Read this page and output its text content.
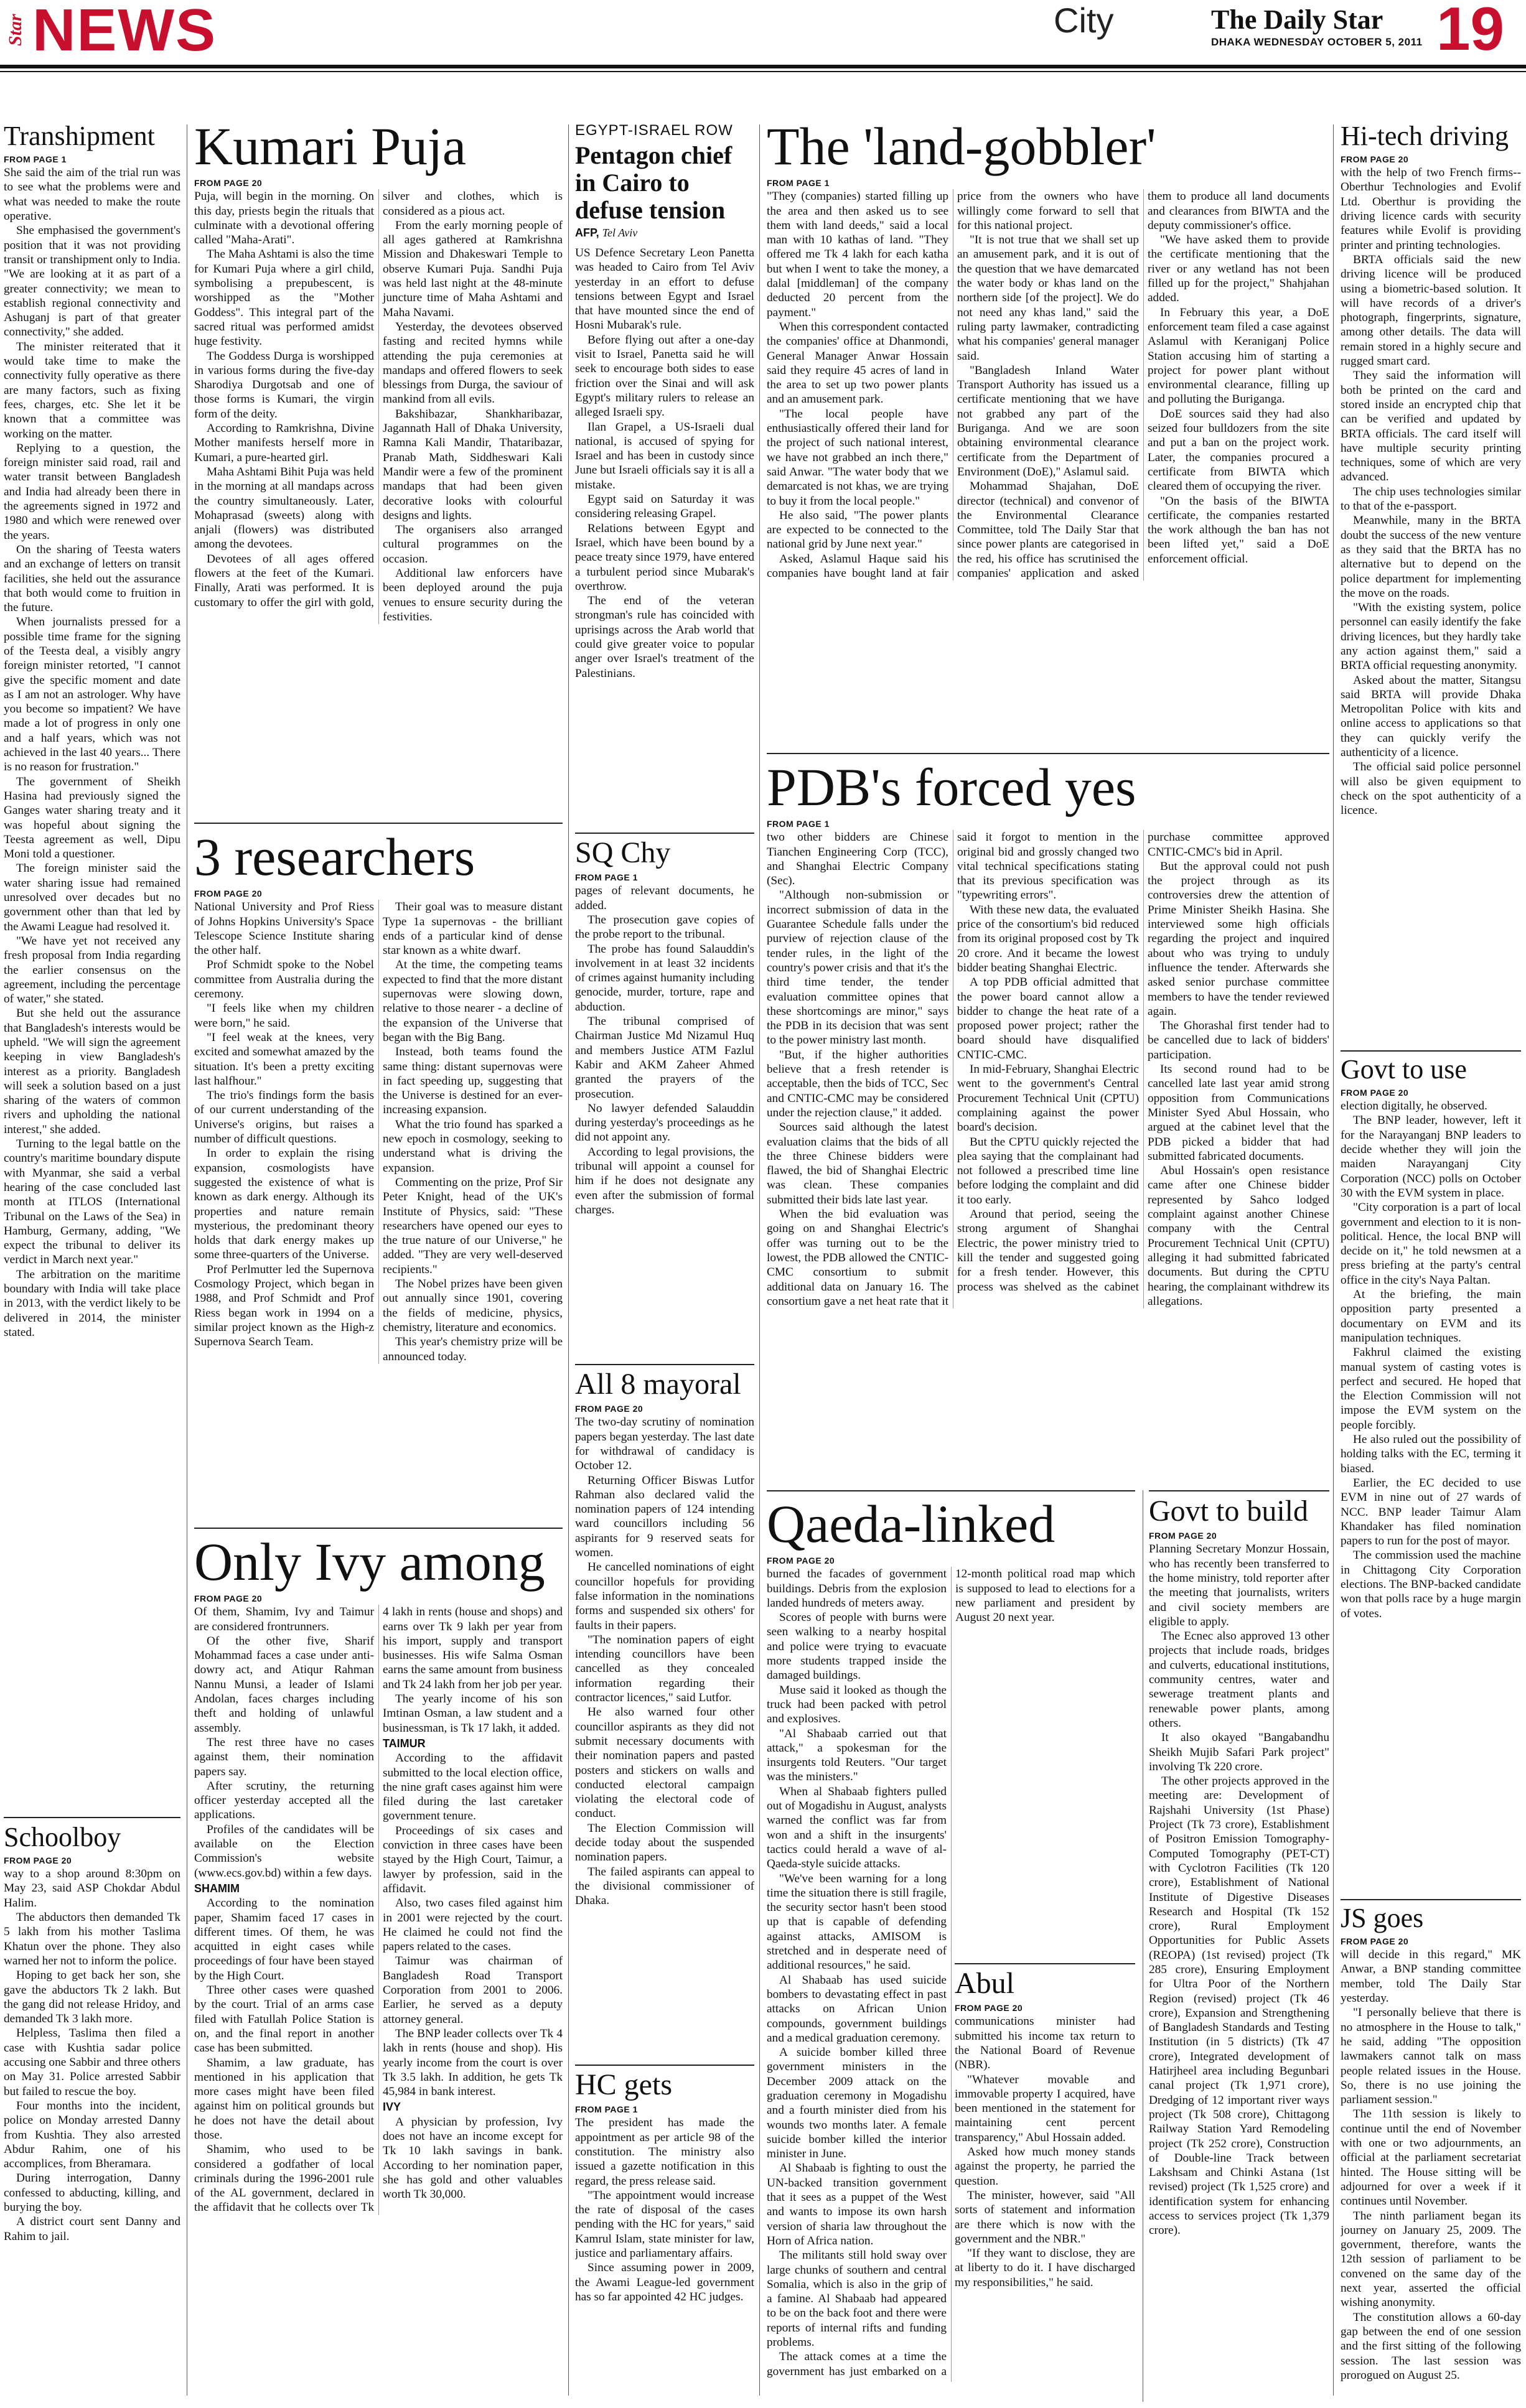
Star NEWS	City	The Daily Star
DHAKA WEDNESDAY OCTOBER 5, 2011 19
Transhipment
FROM PAGE 1

She said the aim of the trial run was to see what the problems were and what was needed to make the route operative.

She emphasised the government's position that it was not providing transit or transhipment only to India. "We are looking at it as part of a greater connectivity; we mean to establish regional connectivity and Ashuganj is part of that greater connectivity," she added.

The minister reiterated that it would take time to make the connectivity fully operative as there are many factors, such as fixing fees, charges, etc. She let it be known that a committee was working on the matter.

Replying to a question, the foreign minister said road, rail and water transit between Bangladesh and India had already been there in the agreements signed in 1972 and 1980 and which were renewed over the years.

On the sharing of Teesta waters and an exchange of letters on transit facilities, she held out the assurance that both would come to fruition in the future.

When journalists pressed for a possible time frame for the signing of the Teesta deal, a visibly angry foreign minister retorted, "I cannot give the specific moment and date as I am not an astrologer. Why have you become so impatient? We have made a lot of progress in only one and a half years, which was not achieved in the last 40 years... There is no reason for frustration."

The government of Sheikh Hasina had previously signed the Ganges water sharing treaty and it was hopeful about signing the Teesta agreement as well, Dipu Moni told a questioner.

The foreign minister said the water sharing issue had remained unresolved over decades but no government other than that led by the Awami League had resolved it.

"We have yet not received any fresh proposal from India regarding the earlier consensus on the agreement, including the percentage of water," she stated.

But she held out the assurance that Bangladesh's interests would be upheld. "We will sign the agreement keeping in view Bangladesh's interest as a priority. Bangladesh will seek a solution based on a just sharing of the waters of common rivers and upholding the national interest," she added.

Turning to the legal battle on the country's maritime boundary dispute with Myanmar, she said a verbal hearing of the case concluded last month at ITLOS (International Tribunal on the Laws of the Sea) in Hamburg, Germany, adding, "We expect the tribunal to deliver its verdict in March next year."

The arbitration on the maritime boundary with India will take place in 2013, with the verdict likely to be delivered in 2014, the minister stated.

Schoolboy
FROM PAGE 20

way to a shop around 8:30pm on May 23, said ASP Chokdar Abdul Halim.

The abductors then demanded Tk 5 lakh from his mother Taslima Khatun over the phone. They also warned her not to inform the police.

Hoping to get back her son, she gave the abductors Tk 2 lakh. But the gang did not release Hridoy, and demanded Tk 3 lakh more.

Helpless, Taslima then filed a case with Kushtia sadar police accusing one Sabbir and three others on May 31. Police arrested Sabbir but failed to rescue the boy.

Four months into the incident, police on Monday arrested Danny from Kushtia. They also arrested Abdur Rahim, one of his accomplices, from Bheramara.

During interrogation, Danny confessed to abducting, killing, and burying the boy.

A district court sent Danny and Rahim to jail.

Kumari Puja
FROM PAGE 20

Puja, will begin in the morning. On this day, priests begin the rituals that culminate with a devotional offering called "Maha-Arati".

The Maha Ashtami is also the time for Kumari Puja where a girl child, symbolising a prepubescent, is worshipped as the "Mother Goddess". This integral part of the sacred ritual was performed amidst huge festivity.

The Goddess Durga is worshipped in various forms during the five-day Sharodiya Durgotsab and one of those forms is Kumari, the virgin form of the deity.

According to Ramkrishna, Divine Mother manifests herself more in Kumari, a pure-hearted girl.

Maha Ashtami Bihit Puja was held in the morning at all mandaps across the country simultaneously. Later, Mohaprasad (sweets) along with anjali (flowers) was distributed among the devotees.

Devotees of all ages offered flowers at the feet of the Kumari. Finally, Arati was performed. It is customary to offer the girl with gold, silver and clothes, which is considered as a pious act.

From the early morning people of all ages gathered at Ramkrishna Mission and Dhakeswari Temple to observe Kumari Puja. Sandhi Puja was held last night at the 48-minute juncture time of Maha Ashtami and Maha Navami.

Yesterday, the devotees observed fasting and recited hymns while attending the puja ceremonies at mandaps and offered flowers to seek blessings from Durga, the saviour of mankind from all evils.

Bakshibazar, Shankharibazar, Jagannath Hall of Dhaka University, Ramna Kali Mandir, Thataribazar, Pranab Math, Siddheswari Kali Mandir were a few of the prominent mandaps that had been given decorative looks with colourful designs and lights.

The organisers also arranged cultural programmes on the occasion.

Additional law enforcers have been deployed around the puja venues to ensure security during the festivities.

3 researchers
FROM PAGE 20

National University and Prof Riess of Johns Hopkins University's Space Telescope Science Institute sharing the other half.

Prof Schmidt spoke to the Nobel committee from Australia during the ceremony.

"I feels like when my children were born," he said.

"I feel weak at the knees, very excited and somewhat amazed by the situation. It's been a pretty exciting last halfhour."

The trio's findings form the basis of our current understanding of the Universe's origins, but raises a number of difficult questions.

In order to explain the rising expansion, cosmologists have suggested the existence of what is known as dark energy. Although its properties and nature remain mysterious, the predominant theory holds that dark energy makes up some three-quarters of the Universe.

Prof Perlmutter led the Supernova Cosmology Project, which began in 1988, and Prof Schmidt and Prof Riess began work in 1994 on a similar project known as the High-z Supernova Search Team.

Their goal was to measure distant Type 1a supernovas - the brilliant ends of a particular kind of dense star known as a white dwarf.

At the time, the competing teams expected to find that the more distant supernovas were slowing down, relative to those nearer - a decline of the expansion of the Universe that began with the Big Bang.

Instead, both teams found the same thing: distant supernovas were in fact speeding up, suggesting that the Universe is destined for an ever-increasing expansion.

What the trio found has sparked a new epoch in cosmology, seeking to understand what is driving the expansion.

Commenting on the prize, Prof Sir Peter Knight, head of the UK's Institute of Physics, said: "These researchers have opened our eyes to the true nature of our Universe," he added. "They are very well-deserved recipients."

The Nobel prizes have been given out annually since 1901, covering the fields of medicine, physics, chemistry, literature and economics.

This year's chemistry prize will be announced today.

Only Ivy among
FROM PAGE 20

Of them, Shamim, Ivy and Taimur are considered frontrunners.

Of the other five, Sharif Mohammad faces a case under anti-dowry act, and Atiqur Rahman Nannu Munsi, a leader of Islami Andolan, faces charges including theft and holding of unlawful assembly.

The rest three have no cases against them, their nomination papers say.

After scrutiny, the returning officer yesterday accepted all the applications.

Profiles of the candidates will be available on the Election Commission's website (www.ecs.gov.bd) within a few days.

SHAMIM

According to the nomination paper, Shamim faced 17 cases in different times. Of them, he was acquitted in eight cases while proceedings of four have been stayed by the High Court.

Three other cases were quashed by the court. Trial of an arms case filed with Fatullah Police Station is on, and the final report in another case has been submitted.

Shamim, a law graduate, has mentioned in his application that more cases might have been filed against him on political grounds but he does not have the detail about those.

Shamim, who used to be considered a godfather of local criminals during the 1996-2001 rule of the AL government, declared in the affidavit that he collects over Tk 4 lakh in rents (house and shops) and earns over Tk 9 lakh per year from his import, supply and transport businesses. His wife Salma Osman earns the same amount from business and Tk 24 lakh from her job per year.

The yearly income of his son Imtinan Osman, a law student and a businessman, is Tk 17 lakh, it added.

TAIMUR

According to the affidavit submitted to the local election office, the nine graft cases against him were filed during the last caretaker government tenure.

Proceedings of six cases and conviction in three cases have been stayed by the High Court, Taimur, a lawyer by profession, said in the affidavit.

Also, two cases filed against him in 2001 were rejected by the court. He claimed he could not find the papers related to the cases.

Taimur was chairman of Bangladesh Road Transport Corporation from 2001 to 2006. Earlier, he served as a deputy attorney general.

The BNP leader collects over Tk 4 lakh in rents (house and shop). His yearly income from the court is over Tk 3.5 lakh. In addition, he gets Tk 45,984 in bank interest.

IVY

A physician by profession, Ivy does not have an income except for Tk 10 lakh savings in bank. According to her nomination paper, she has gold and other valuables worth Tk 30,000.

EGYPT-ISRAEL ROW
Pentagon chief in Cairo to defuse tension
AFP, Tel Aviv

US Defence Secretary Leon Panetta was headed to Cairo from Tel Aviv yesterday in an effort to defuse tensions between Egypt and Israel that have mounted since the end of Hosni Mubarak's rule.

Before flying out after a one-day visit to Israel, Panetta said he will seek to encourage both sides to ease friction over the Sinai and will ask Egypt's military rulers to release an alleged Israeli spy.

Ilan Grapel, a US-Israeli dual national, is accused of spying for Israel and has been in custody since June but Israeli officials say it is all a mistake.

Egypt said on Saturday it was considering releasing Grapel.

Relations between Egypt and Israel, which have been bound by a peace treaty since 1979, have entered a turbulent period since Mubarak's overthrow.

The end of the veteran strongman's rule has coincided with uprisings across the Arab world that could give greater voice to popular anger over Israel's treatment of the Palestinians.

SQ Chy
FROM PAGE 1

pages of relevant documents, he added.

The prosecution gave copies of the probe report to the tribunal.

The probe has found Salauddin's involvement in at least 32 incidents of crimes against humanity including genocide, murder, torture, rape and abduction.

The tribunal comprised of Chairman Justice Md Nizamul Huq and members Justice ATM Fazlul Kabir and AKM Zaheer Ahmed granted the prayers of the prosecution.

No lawyer defended Salauddin during yesterday's proceedings as he did not appoint any.

According to legal provisions, the tribunal will appoint a counsel for him if he does not designate any even after the submission of formal charges.

All 8 mayoral
FROM PAGE 20

The two-day scrutiny of nomination papers began yesterday. The last date for withdrawal of candidacy is October 12.

Returning Officer Biswas Lutfor Rahman also declared valid the nomination papers of 124 intending ward councillors including 56 aspirants for 9 reserved seats for women.

He cancelled nominations of eight councillor hopefuls for providing false information in the nominations forms and suspended six others' for faults in their papers.

"The nomination papers of eight intending councillors have been cancelled as they concealed information regarding their contractor licences," said Lutfor.

He also warned four other councillor aspirants as they did not submit necessary documents with their nomination papers and pasted posters and stickers on walls and conducted electoral campaign violating the electoral code of conduct.

The Election Commission will decide today about the suspended nomination papers.

The failed aspirants can appeal to the divisional commissioner of Dhaka.

HC gets
FROM PAGE 1

The president has made the appointment as per article 98 of the constitution. The ministry also issued a gazette notification in this regard, the press release said.

"The appointment would increase the rate of disposal of the cases pending with the HC for years," said Kamrul Islam, state minister for law, justice and parliamentary affairs.

Since assuming power in 2009, the Awami League-led government has so far appointed 42 HC judges.

The 'land-gobbler'
FROM PAGE 1

"They (companies) started filling up the area and then asked us to see them with land deeds," said a local man with 10 kathas of land. "They offered me Tk 4 lakh for each katha but when I went to take the money, a dalal [middleman] of the company deducted 20 percent from the payment."

When this correspondent contacted the companies' office at Dhanmondi, General Manager Anwar Hossain said they require 45 acres of land in the area to set up two power plants and an amusement park.

"The local people have enthusiastically offered their land for the project of such national interest, we have not grabbed an inch there," said Anwar. "The water body that we demarcated is not khas, we are trying to buy it from the local people."

He also said, "The power plants are expected to be connected to the national grid by June next year."

Asked, Aslamul Haque said his companies have bought land at fair price from the owners who have willingly come forward to sell that for this national project.

"It is not true that we shall set up an amusement park, and it is out of the question that we have demarcated the water body or khas land on the northern side [of the project]. We do not need any khas land," said the ruling party lawmaker, contradicting what his companies' general manager said.

"Bangladesh Inland Water Transport Authority has issued us a certificate mentioning that we have not grabbed any part of the Buriganga. And we are soon obtaining environmental clearance certificate from the Department of Environment (DoE)," Aslamul said.

Mohammad Shajahan, DoE director (technical) and convenor of the Environmental Clearance Committee, told The Daily Star that since power plants are categorised in the red, his office has scrutinised the companies' application and asked them to produce all land documents and clearances from BIWTA and the deputy commissioner's office.

"We have asked them to provide the certificate mentioning that the river or any wetland has not been filled up for the project," Shahjahan added.

In February this year, a DoE enforcement team filed a case against Aslamul with Keraniganj Police Station accusing him of starting a project for power plant without environmental clearance, filling up and polluting the Buriganga.

DoE sources said they had also seized four bulldozers from the site and put a ban on the project work. Later, the companies procured a certificate from BIWTA which cleared them of occupying the river.

"On the basis of the BIWTA certificate, the companies restarted the work although the ban has not been lifted yet," said a DoE enforcement official.

PDB's forced yes
FROM PAGE 1

two other bidders are Chinese Tianchen Engineering Corp (TCC), and Shanghai Electric Company (Sec).

"Although non-submission or incorrect submission of data in the Guarantee Schedule falls under the purview of rejection clause of the tender rules, in the light of the country's power crisis and that it's the third time tender, the tender evaluation committee opines that these shortcomings are minor," says the PDB in its decision that was sent to the power ministry last month.

"But, if the higher authorities believe that a fresh retender is acceptable, then the bids of TCC, Sec and CNTIC-CMC may be considered under the rejection clause," it added.

Sources said although the latest evaluation claims that the bids of all the three Chinese bidders were flawed, the bid of Shanghai Electric was clean. These companies submitted their bids late last year.

When the bid evaluation was going on and Shanghai Electric's offer was turning out to be the lowest, the PDB allowed the CNTIC-CMC consortium to submit additional data on January 16. The consortium gave a net heat rate that it said it forgot to mention in the original bid and grossly changed two vital technical specifications stating that its previous specification was "typewriting errors".

With these new data, the evaluated price of the consortium's bid reduced from its original proposed cost by Tk 20 crore. And it became the lowest bidder beating Shanghai Electric.

A top PDB official admitted that the power board cannot allow a bidder to change the heat rate of a proposed power project; rather the board should have disqualified CNTIC-CMC.

In mid-February, Shanghai Electric went to the government's Central Procurement Technical Unit (CPTU) complaining against the power board's decision.

But the CPTU quickly rejected the plea saying that the complainant had not followed a prescribed time line before lodging the complaint and did it too early.

Around that period, seeing the strong argument of Shanghai Electric, the power ministry tried to kill the tender and suggested going for a fresh tender. However, this process was shelved as the cabinet purchase committee approved CNTIC-CMC's bid in April.

But the approval could not push the project through as its controversies drew the attention of Prime Minister Sheikh Hasina. She interviewed some high officials regarding the project and inquired about who was trying to unduly influence the tender. Afterwards she asked senior purchase committee members to have the tender reviewed again.

The Ghorashal first tender had to be cancelled due to lack of bidders' participation.

Its second round had to be cancelled late last year amid strong opposition from Communications Minister Syed Abul Hossain, who argued at the cabinet level that the PDB picked a bidder that had submitted fabricated documents.

Abul Hossain's open resistance came after one Chinese bidder represented by Sahco lodged complaint against another Chinese company with the Central Procurement Technical Unit (CPTU) alleging it had submitted fabricated documents. But during the CPTU hearing, the complainant withdrew its allegations.

Qaeda-linked
FROM PAGE 20

burned the facades of government buildings. Debris from the explosion landed hundreds of meters away.

Scores of people with burns were seen walking to a nearby hospital and police were trying to evacuate more students trapped inside the damaged buildings.

Muse said it looked as though the truck had been packed with petrol and explosives.

"Al Shabaab carried out that attack," a spokesman for the insurgents told Reuters. "Our target was the ministers."

When al Shabaab fighters pulled out of Mogadishu in August, analysts warned the conflict was far from won and a shift in the insurgents' tactics could herald a wave of al-Qaeda-style suicide attacks.

"We've been warning for a long time the situation there is still fragile, the security sector hasn't been stood up that is capable of defending against attacks, AMISOM is stretched and in desperate need of additional resources," he said.

Al Shabaab has used suicide bombers to devastating effect in past attacks on African Union compounds, government buildings and a medical graduation ceremony.

A suicide bomber killed three government ministers in the December 2009 attack on the graduation ceremony in Mogadishu and a fourth minister died from his wounds two months later. A female suicide bomber killed the interior minister in June.

Al Shabaab is fighting to oust the UN-backed transition government that it sees as a puppet of the West and wants to impose its own harsh version of sharia law throughout the Horn of Africa nation.

The militants still hold sway over large chunks of southern and central Somalia, which is also in the grip of a famine. Al Shabaab had appeared to be on the back foot and there were reports of internal rifts and funding problems.

The attack comes at a time the government has just embarked on a 12-month political road map which is supposed to lead to elections for a new parliament and president by August 20 next year.

Abul
FROM PAGE 20

communications minister had submitted his income tax return to the National Board of Revenue (NBR).

"Whatever movable and immovable property I acquired, have been mentioned in the statement for maintaining cent percent transparency," Abul Hossain added.

Asked how much money stands against the property, he parried the question.

The minister, however, said "All sorts of statement and information are there which is now with the government and the NBR."

"If they want to disclose, they are at liberty to do it. I have discharged my responsibilities," he said.

Govt to build
FROM PAGE 20

Planning Secretary Monzur Hossain, who has recently been transferred to the home ministry, told reporter after the meeting that journalists, writers and civil society members are eligible to apply.

The Ecnec also approved 13 other projects that include roads, bridges and culverts, educational institutions, community centres, water and sewerage treatment plants and renewable power plants, among others.

It also okayed "Bangabandhu Sheikh Mujib Safari Park project" involving Tk 220 crore.

The other projects approved in the meeting are: Development of Rajshahi University (1st Phase) Project (Tk 73 crore), Establishment of Positron Emission Tomography-Computed Tomography (PET-CT) with Cyclotron Facilities (Tk 120 crore), Establishment of National Institute of Digestive Diseases Research and Hospital (Tk 152 crore), Rural Employment Opportunities for Public Assets (REOPA) (1st revised) project (Tk 285 crore), Ensuring Employment for Ultra Poor of the Northern Region (revised) project (Tk 46 crore), Expansion and Strengthening of Bangladesh Standards and Testing Institution (in 5 districts) (Tk 47 crore), Integrated development of Hatirjheel area including Begunbari canal project (Tk 1,971 crore), Dredging of 12 important river ways project (Tk 508 crore), Chittagong Railway Station Yard Remodeling project (Tk 252 crore), Construction of Double-line Track between Lakshsam and Chinki Astana (1st revised) project (Tk 1,525 crore) and identification system for enhancing access to services project (Tk 1,379 crore).

Hi-tech driving
FROM PAGE 20

with the help of two French firms--Oberthur Technologies and Evolif Ltd. Oberthur is providing the driving licence cards with security features while Evolif is providing printer and printing technologies.

BRTA officials said the new driving licence will be produced using a biometric-based solution. It will have records of a driver's photograph, fingerprints, signature, among other details. The data will remain stored in a highly secure and rugged smart card.

They said the information will both be printed on the card and stored inside an encrypted chip that can be verified and updated by BRTA officials. The card itself will have multiple security printing techniques, some of which are very advanced.

The chip uses technologies similar to that of the e-passport.

Meanwhile, many in the BRTA doubt the success of the new venture as they said that the BRTA has no alternative but to depend on the police department for implementing the move on the roads.

"With the existing system, police personnel can easily identify the fake driving licences, but they hardly take any action against them," said a BRTA official requesting anonymity.

Asked about the matter, Sitangsu said BRTA will provide Dhaka Metropolitan Police with kits and online access to applications so that they can quickly verify the authenticity of a licence.

The official said police personnel will also be given equipment to check on the spot authenticity of a licence.

Govt to use
FROM PAGE 20

election digitally, he observed.

The BNP leader, however, left it for the Narayanganj BNP leaders to decide whether they will join the maiden Narayanganj City Corporation (NCC) polls on October 30 with the EVM system in place.

"City corporation is a part of local government and election to it is non-political. Hence, the local BNP will decide on it," he told newsmen at a press briefing at the party's central office in the city's Naya Paltan.

At the briefing, the main opposition party presented a documentary on EVM and its manipulation techniques.

Fakhrul claimed the existing manual system of casting votes is perfect and secured. He hoped that the Election Commission will not impose the EVM system on the people forcibly.

He also ruled out the possibility of holding talks with the EC, terming it biased.

Earlier, the EC decided to use EVM in nine out of 27 wards of NCC. BNP leader Taimur Alam Khandaker has filed nomination papers to run for the post of mayor.

The commission used the machine in Chittagong City Corporation elections. The BNP-backed candidate won that polls race by a huge margin of votes.

JS goes
FROM PAGE 20

will decide in this regard," MK Anwar, a BNP standing committee member, told The Daily Star yesterday.

"I personally believe that there is no atmosphere in the House to talk," he said, adding "The opposition lawmakers cannot talk on mass people related issues in the House. So, there is no use joining the parliament session."

The 11th session is likely to continue until the end of November with one or two adjournments, an official at the parliament secretariat hinted. The House sitting will be adjourned for over a week if it continues until November.

The ninth parliament began its journey on January 25, 2009. The government, therefore, wants the 12th session of parliament to be convened on the same day of the next year, asserted the official wishing anonymity.

The constitution allows a 60-day gap between the end of one session and the first sitting of the following session. The last session was prorogued on August 25.
